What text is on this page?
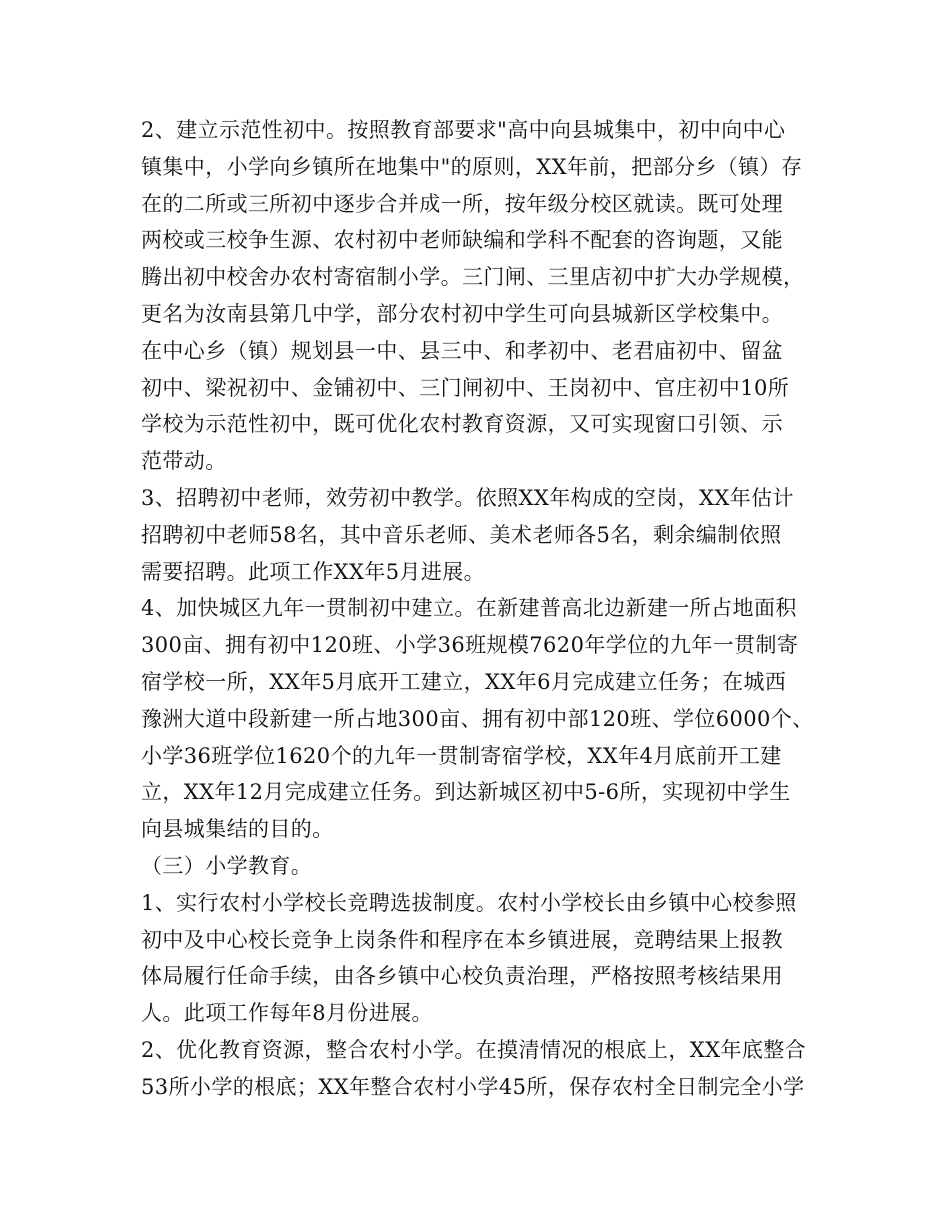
2、建立示范性初中。按照教育部要求"高中向县城集中，初中向中心
镇集中，小学向乡镇所在地集中"的原则，XX年前，把部分乡（镇）存
在的二所或三所初中逐步合并成一所，按年级分校区就读。既可处理
两校或三校争生源、农村初中老师缺编和学科不配套的咨询题，又能
腾出初中校舍办农村寄宿制小学。三门闸、三里店初中扩大办学规模，
更名为汝南县第几中学，部分农村初中学生可向县城新区学校集中。
在中心乡（镇）规划县一中、县三中、和孝初中、老君庙初中、留盆
初中、梁祝初中、金铺初中、三门闸初中、王岗初中、官庄初中10所
学校为示范性初中，既可优化农村教育资源，又可实现窗口引领、示
范带动。
3、招聘初中老师，效劳初中教学。依照XX年构成的空岗，XX年估计
招聘初中老师58名，其中音乐老师、美术老师各5名，剩余编制依照
需要招聘。此项工作XX年5月进展。
4、加快城区九年一贯制初中建立。在新建普高北边新建一所占地面积
300亩、拥有初中120班、小学36班规模7620年学位的九年一贯制寄
宿学校一所，XX年5月底开工建立，XX年6月完成建立任务；在城西
豫洲大道中段新建一所占地300亩、拥有初中部120班、学位6000个、
小学36班学位1620个的九年一贯制寄宿学校，XX年4月底前开工建
立，XX年12月完成建立任务。到达新城区初中5-6所，实现初中学生
向县城集结的目的。
（三）小学教育。
1、实行农村小学校长竞聘选拔制度。农村小学校长由乡镇中心校参照
初中及中心校长竞争上岗条件和程序在本乡镇进展，竞聘结果上报教
体局履行任命手续，由各乡镇中心校负责治理，严格按照考核结果用
人。此项工作每年8月份进展。
2、优化教育资源，整合农村小学。在摸清情况的根底上，XX年底整合
53所小学的根底；XX年整合农村小学45所，保存农村全日制完全小学
